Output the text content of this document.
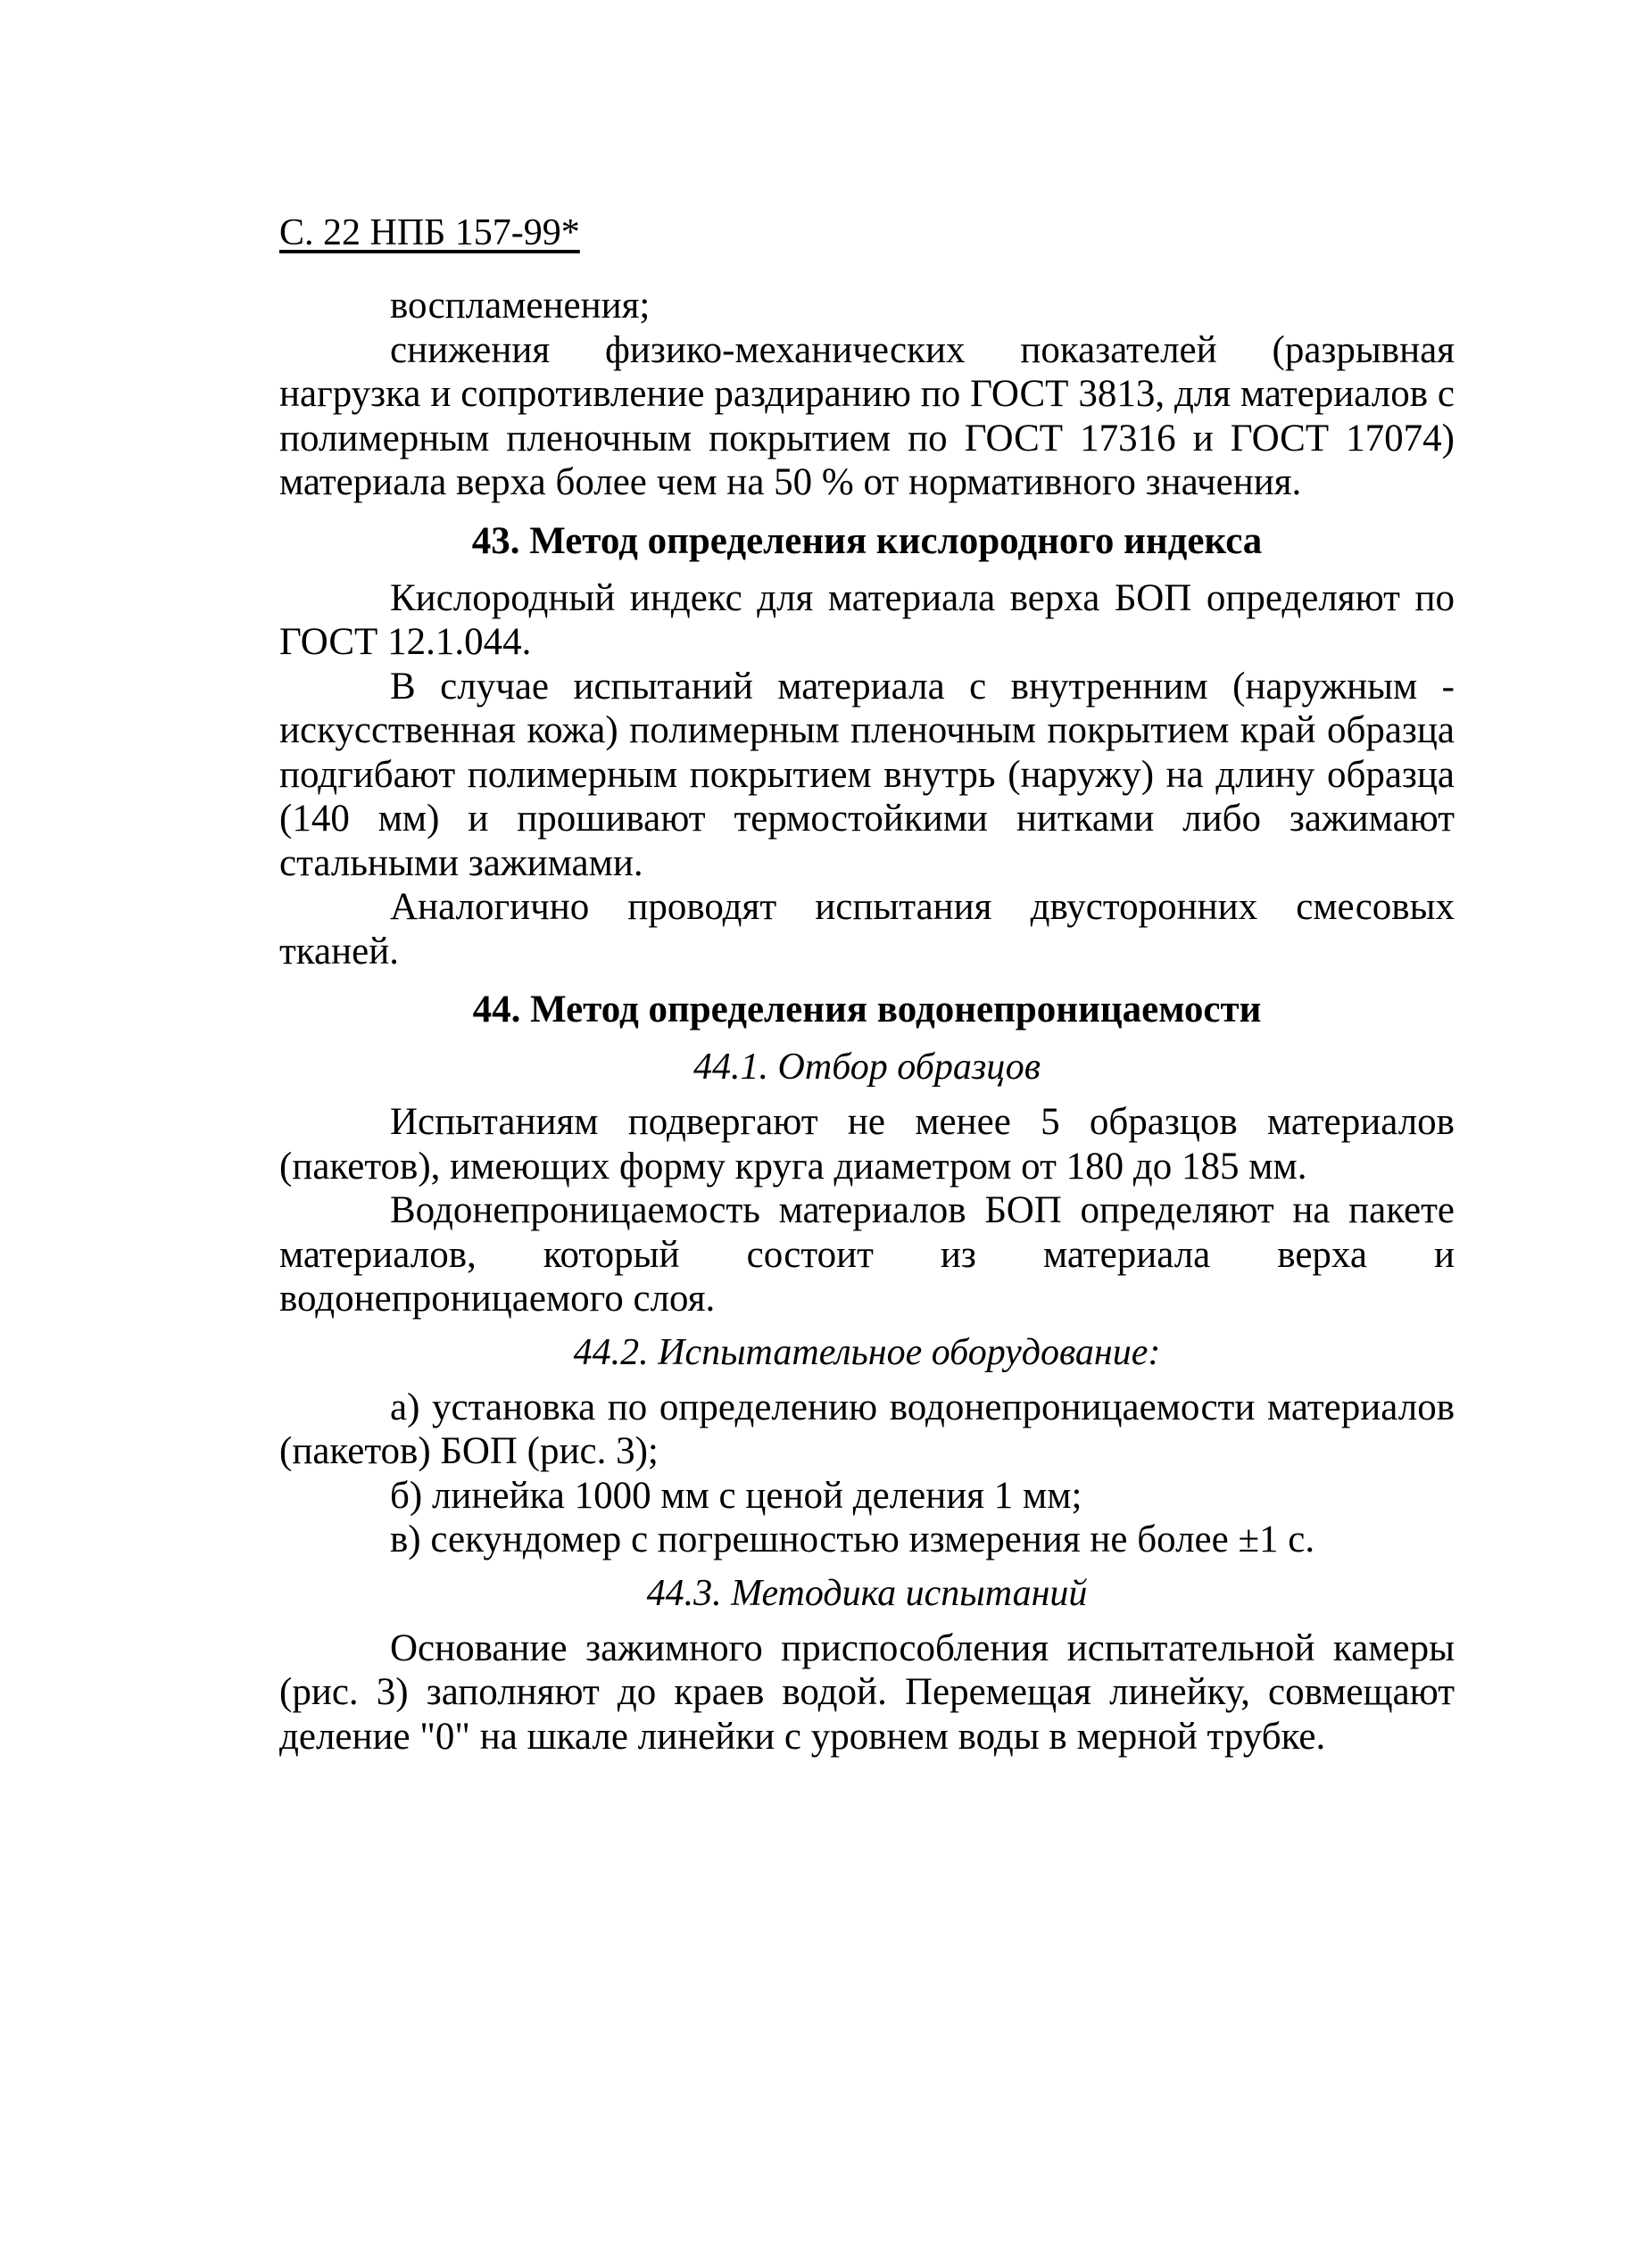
С. 22 НПБ 157-99*

воспламенения;

снижения физико-механических показателей (разрывная нагрузка и сопротивление раздиранию по ГОСТ 3813, для материалов с полимерным пленочным покрытием по ГОСТ 17316 и ГОСТ 17074) материала верха более чем на 50 % от нормативного значения.

43. Метод определения кислородного индекса

Кислородный индекс для материала верха БОП определяют по ГОСТ 12.1.044.

В случае испытаний материала с внутренним (наружным - искусственная кожа) полимерным пленочным покрытием край образца подгибают полимерным покрытием внутрь (наружу) на длину образца (140 мм) и прошивают термостойкими нитками либо зажимают стальными зажимами.

Аналогично проводят испытания двусторонних смесовых тканей.

44. Метод определения водонепроницаемости
44.1. Отбор образцов

Испытаниям подвергают не менее 5 образцов материалов (пакетов), имеющих форму круга диаметром от 180 до 185 мм.

Водонепроницаемость материалов БОП определяют на пакете материалов, который состоит из материала верха и водонепроницаемого слоя.

44.2. Испытательное оборудование:

а) установка по определению водонепроницаемости материалов (пакетов) БОП (рис. 3);

б) линейка 1000 мм с ценой деления 1 мм;

в) секундомер с погрешностью измерения не более ±1 с.

44.3. Методика испытаний

Основание зажимного приспособления испытательной камеры (рис. 3) заполняют до краев водой. Перемещая линейку, совмещают деление "0" на шкале линейки с уровнем воды в мерной трубке.
